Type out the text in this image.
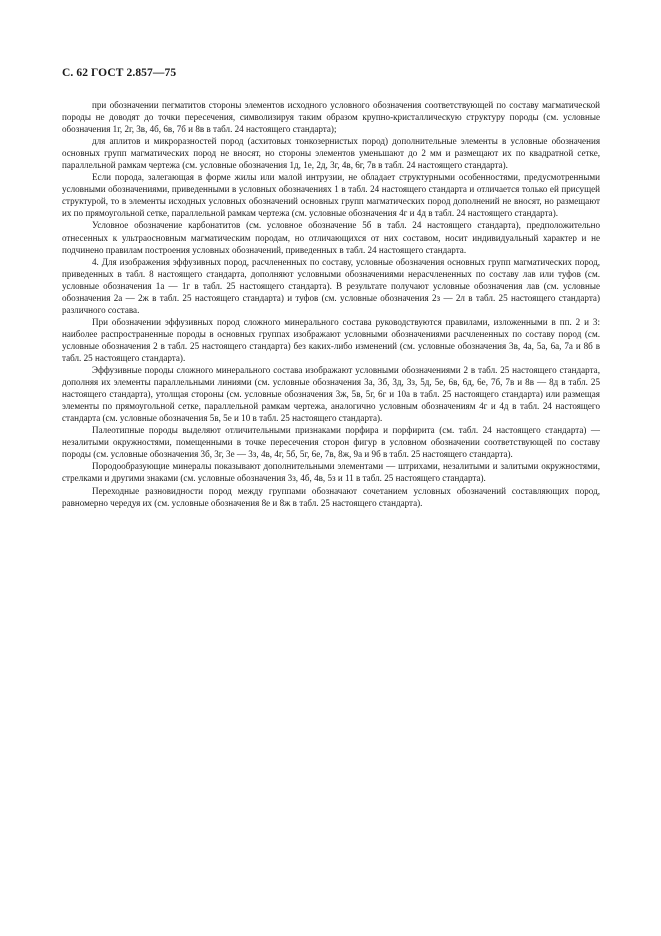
С. 62 ГОСТ 2.857—75

при обозначении пегматитов стороны элементов исходного условного обозначения соответствующей по составу магматической породы не доводят до точки пересечения, символизируя таким образом крупно-кристаллическую структуру породы (см. условные обозначения 1г, 2г, 3в, 4б, 6в, 7б и 8в в табл. 24 настоящего стандарта);

для аплитов и микроразностей пород (асхитовых тонкозернистых пород) дополнительные элементы в условные обозначения основных групп магматических пород не вносят, но стороны элементов уменьшают до 2 мм и размещают их по квадратной сетке, параллельной рамкам чертежа (см. условные обозначения 1д, 1е, 2д, 3г, 4в, 6г, 7в в табл. 24 настоящего стандарта).

Если порода, залегающая в форме жилы или малой интрузии, не обладает структурными особенностями, предусмотренными условными обозначениями, приведенными в условных обозначениях 1 в табл. 24 настоящего стандарта и отличается только ей присущей структурой, то в элементы исходных условных обозначений основных групп магматических пород дополнений не вносят, но размещают их по прямоугольной сетке, параллельной рамкам чертежа (см. условные обозначения 4г и 4д в табл. 24 настоящего стандарта).

Условное обозначение карбонатитов (см. условное обозначение 5б в табл. 24 настоящего стандарта), предположительно отнесенных к ультраосновным магматическим породам, но отличающихся от них составом, носит индивидуальный характер и не подчинено правилам построения условных обозначений, приведенных в табл. 24 настоящего стандарта.

4. Для изображения эффузивных пород, расчлененных по составу, условные обозначения основных групп магматических пород, приведенных в табл. 8 настоящего стандарта, дополняют условными обозначениями нерасчлененных по составу лав или туфов (см. условные обозначения 1а — 1г в табл. 25 настоящего стандарта). В результате получают условные обозначения лав (см. условные обозначения 2а — 2ж в табл. 25 настоящего стандарта) и туфов (см. условные обозначения 2з — 2л в табл. 25 настоящего стандарта) различного состава.

При обозначении эффузивных пород сложного минерального состава руководствуются правилами, изложенными в пп. 2 и 3: наиболее распространенные породы в основных группах изображают условными обозначениями расчлененных по составу пород (см. условные обозначения 2 в табл. 25 настоящего стандарта) без каких-либо изменений (см. условные обозначения 3в, 4а, 5а, 6а, 7а и 8б в табл. 25 настоящего стандарта).

Эффузивные породы сложного минерального состава изображают условными обозначениями 2 в табл. 25 настоящего стандарта, дополняя их элементы параллельными линиями (см. условные обозначения 3а, 3б, 3д, 3з, 5д, 5е, 6в, 6д, 6е, 7б, 7в и 8в — 8д в табл. 25 настоящего стандарта), утолщая стороны (см. условные обозначения 3ж, 5в, 5г, 6г и 10а в табл. 25 настоящего стандарта) или размещая элементы по прямоугольной сетке, параллельной рамкам чертежа, аналогично условным обозначениям 4г и 4д в табл. 24 настоящего стандарта (см. условные обозначения 5в, 5е и 10 в табл. 25 настоящего стандарта).

Палеотипные породы выделяют отличительными признаками порфира и порфирита (см. табл. 24 настоящего стандарта) — незалитыми окружностями, помещенными в точке пересечения сторон фигур в условном обозначении соответствующей по составу породы (см. условные обозначения 3б, 3г, 3е — 3з, 4в, 4г, 5б, 5г, 6е, 7в, 8ж, 9а и 9б в табл. 25 настоящего стандарта).

Породообразующие минералы показывают дополнительными элементами — штрихами, незалитыми и залитыми окружностями, стрелками и другими знаками (см. условные обозначения 3з, 4б, 4в, 5з и 11 в табл. 25 настоящего стандарта).

Переходные разновидности пород между группами обозначают сочетанием условных обозначений составляющих пород, равномерно чередуя их (см. условные обозначения 8е и 8ж в табл. 25 настоящего стандарта).
